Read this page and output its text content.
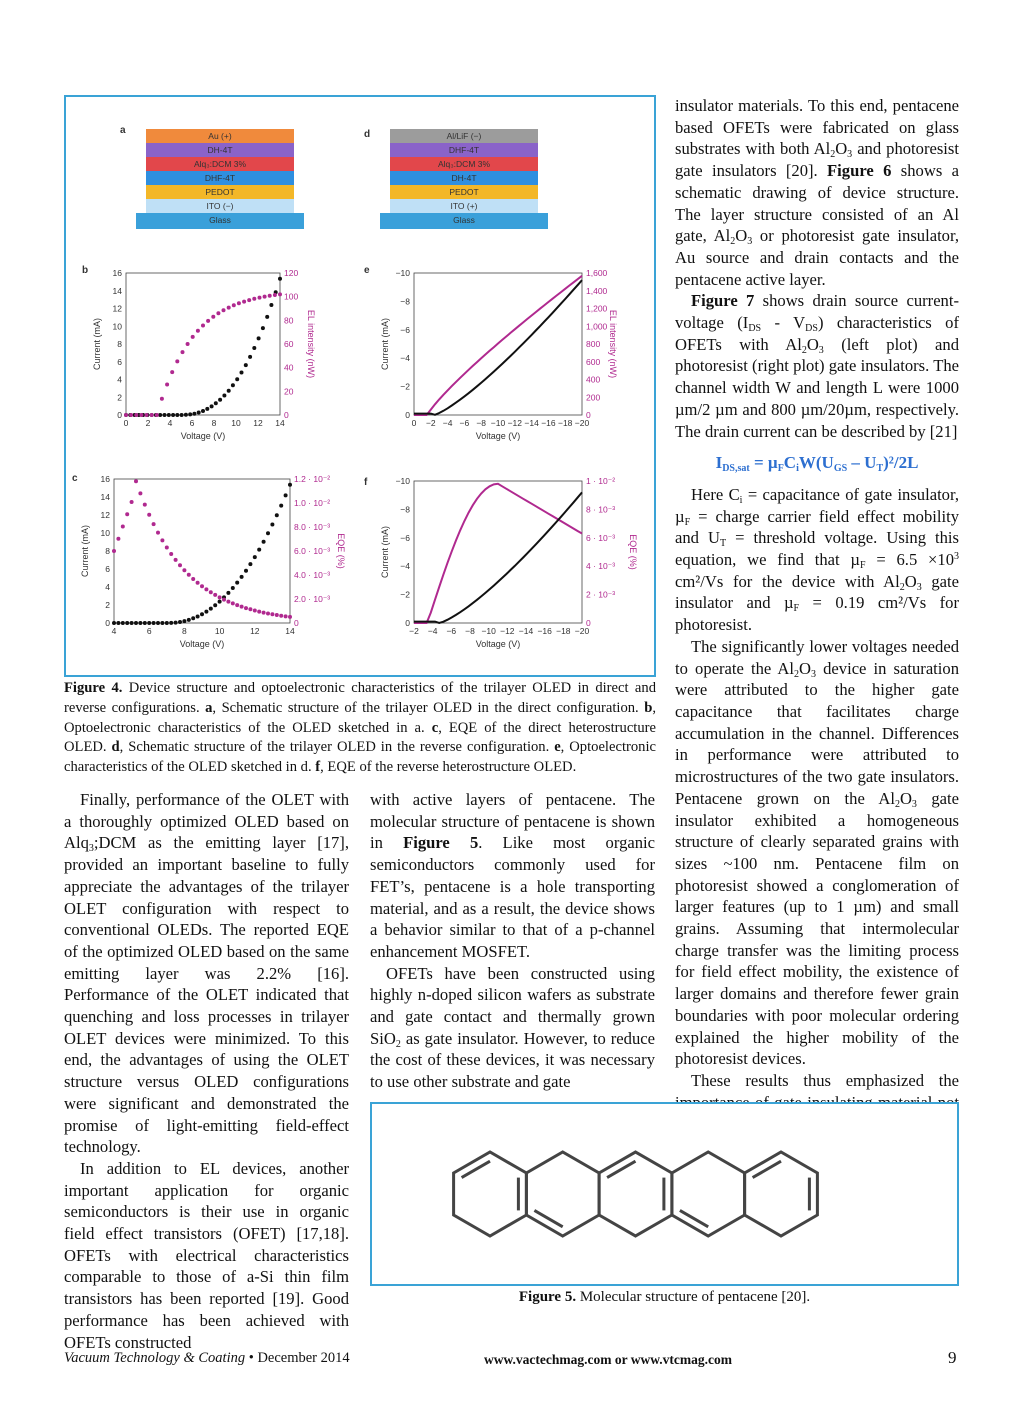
a	d
Au (+)
DH-4T
Alq₃:DCM 3%
DHF-4T
PEDOT
ITO (−)
Glass
Al/LiF (−)
DHF-4T
Alq₃:DCM 3%
DH-4T
PEDOT
ITO (+)
Glass
b	e
c	f
0 2 4 6 8 10 12 14
0
2
4
6
8
10
12
14
16
0
20
40
60
80
100
120
Voltage (V)
Current (mA)	EL intensity (nW)
0 −2 −4 −6 −8 −10 −12 −14 −16 −18 −20
0
−2
−4
−6
−8
−10
0
200
400
600
800
1,000
1,200
1,400
1,600
Voltage (V)
Current (mA)	EL intensity (nW)
4	6	8	10	12	14
0
2
4
6
8
10
12
14
16
0
2.0 · 10⁻³
4.0 · 10⁻³
6.0 · 10⁻³
8.0 · 10⁻³
1.0 · 10⁻²
1.2 · 10⁻²
Voltage (V)
Current (mA)	EQE (%)
−2 −4 −6 −8 −10 −12 −14 −16 −18 −20
0
−2
−4
−6
−8
−10
0
2 · 10⁻³
4 · 10⁻³
6 · 10⁻³
8 · 10⁻³
1 · 10⁻²
Voltage (V)
Current (mA)	EQE (%)
Figure 4. Device structure and optoelectronic characteristics of the trilayer OLED in direct and reverse configurations. a, Schematic structure of the trilayer OLED in the direct configuration. b, Optoelectronic characteristics of the OLED sketched in a. c, EQE of the direct heterostructure OLED. d, Schematic structure of the trilayer OLED in the reverse configuration. e, Optoelectronic characteristics of the OLED sketched in d. f, EQE of the reverse heterostructure OLED.

Finally, performance of the OLET with a thoroughly optimized OLED based on Alq$_3$;DCM as the emitting layer [17], provided an important baseline to fully appreciate the advantages of the trilayer OLET configuration with respect to conventional OLEDs. The reported EQE of the optimized OLED based on the same emitting layer was 2.2% [16]. Performance of the OLET indicated that quenching and loss processes in trilayer OLET devices were minimized. To this end, the advantages of using the OLET structure versus OLED configurations were significant and demonstrated the promise of light-emitting field-effect technology.

In addition to EL devices, another important application for organic semiconductors is their use in organic field effect transistors (OFET) [17,18]. OFETs with electrical characteristics comparable to those of a-Si thin film transistors has been reported [19]. Good performance has been achieved with OFETs constructed

with active layers of pentacene. The molecular structure of pentacene is shown in Figure 5. Like most organic semiconductors commonly used for FET’s, pentacene is a hole transporting material, and as a result, the device shows a behavior similar to that of a p-channel enhancement MOSFET.

OFETs have been constructed using highly n-doped silicon wafers as substrate and gate contact and thermally grown SiO$_2$ as gate insulator. However, to reduce the cost of these devices, it was necessary to use other substrate and gate

insulator materials. To this end, pentacene based OFETs were fabricated on glass substrates with both $Al_2O_3$ and photoresist gate insulators [20]. Figure 6 shows a schematic drawing of device structure. The layer structure consisted of an Al gate, $Al_2O_3$ or photoresist gate insulator, Au source and drain contacts and the pentacene active layer.

Figure 7 shows drain source current-voltage $(I_{DS} - V_{DS})$ characteristics of OFETs with $Al_2O_3$ (left plot) and photoresist (right plot) gate insulators. The channel width W and length L were 1000 µm/2 µm and 800 µm/20µm, respectively. The drain current can be described by [21]

$I_{DS,sat} = \mu_FC_iW(U_{GS} - U_T)^2/2L$

Here $C_i$ = capacitance of gate insulator, µ$_F$ = charge carrier field effect mobility and $U_T$ = threshold voltage. Using this equation, we find that $\mu_F = 6.5 \times 10^3$ cm²/Vs for the device with $Al_2O_3$ gate insulator and µ$_F$ = 0.19 cm²/Vs for photoresist.

The significantly lower voltages needed to operate the $Al_2O_3$ device in saturation were attributed to the higher gate capacitance that facilitates charge accumulation in the channel. Differences in performance were attributed to microstructures of the two gate insulators. Pentacene grown on the $Al_2O_3$ gate insulator exhibited a homogeneous structure of clearly separated grains with sizes ~100 nm. Pentacene film on photoresist showed a conglomeration of larger features (up to 1 µm) and small grains. Assuming that intermolecular charge transfer was the limiting process for field effect mobility, the existence of larger domains and therefore fewer grain boundaries with poor molecular ordering explained the higher mobility of the photoresist devices.

These results thus emphasized the

Figure 5. Molecular structure of pentacene [20].
Vacuum Technology & Coating • December 2014	www.vactechmag.com or www.vtcmag.com	9
